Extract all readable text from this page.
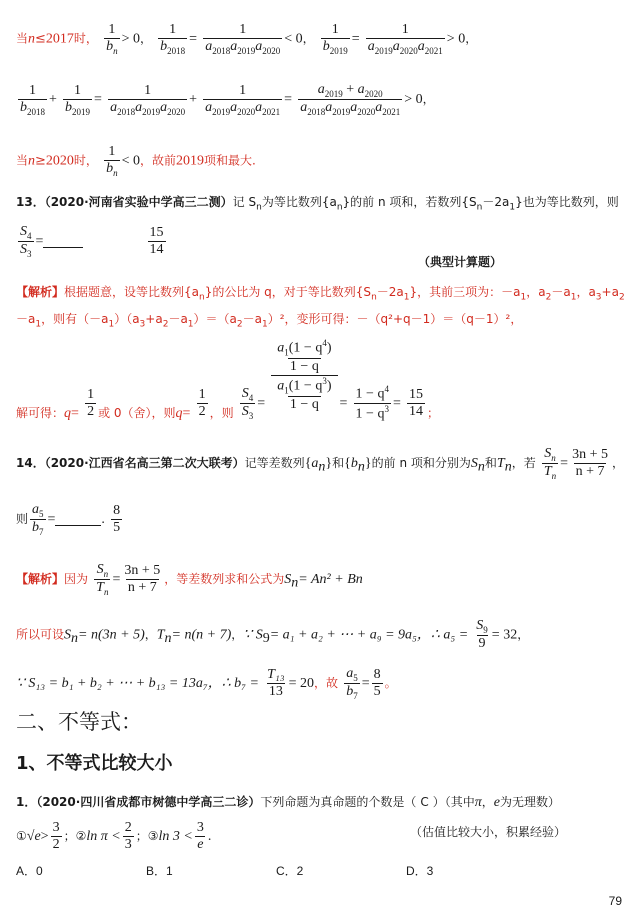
当n≤2017时， $\frac{1}{b_n} > 0$， $\frac{1}{b_{2018}} = \frac{1}{a_{2018}a_{2019}a_{2020}} < 0$， $\frac{1}{b_{2019}} = \frac{1}{a_{2019}a_{2020}a_{2021}} > 0$，
$\frac{1}{b_{2018}} + \frac{1}{b_{2019}} = \frac{1}{a_{2018}a_{2019}a_{2020}} + \frac{1}{a_{2019}a_{2020}a_{2021}} = \frac{a_{2019} + a_{2020}}{a_{2018}a_{2019}a_{2020}a_{2021}} > 0$，
当n≥2020时， $\frac{1}{b_n} < 0$，故前2019项和最大.
13．（2020·河南省实验中学高三二测）记 $S_n$为等比数列$\{a_n\}$的前 n 项和，若数列$\{S_n-2a_1\}$也为等比数列，则
$\frac{S_4}{S_3}$ =	$\frac{15}{14}$
（典型计算题）
【解析】根据题意，设等比数列$\{a_n\}$的公比为 q，对于等比数列$\{S_n-2a_1\}$，其前三项为：$-a_1$，$a_2-a_1$，$a_3+a_2$
$-a_1$，则有$(-a_1)(a_3+a_2-a_1)=(a_2-a_1)^2$，变形可得：－（q²+q－1）＝（q－1）²，
解可得：$q= \frac{1}{2}$ 或 0（舍），则$q= \frac{1}{2}$ ，则 $\frac{S_4}{S_3} = \frac{\frac{a_1(1 - q^4)}{1 - q}}{\frac{a_1(1 - q^3)}{1 - q}} = \frac{1 - q^4}{1 - q^3} = \frac{15}{14}$ ；
14．（2020·江西省名高三第二次大联考）记等差数列$\{a_n\}$和$\{b_n\}$的前 n 项和分别为$S_n$和$T_n$，若 $\frac{S_n}{T_n} = \frac{3n + 5}{n + 7}$ ，
则 $\frac{a_5}{b_7}$ =	. $\frac{8}{5}$
【解析】因为 $\frac{S_n}{T_n} = \frac{3n + 5}{n + 7}$ ，等差数列求和公式为$S_n= An^2 + Bn$
所以可设$S_n= n(3n + 5)$，$T_n= n(n + 7)$，∵ $S_9= a_1 + a_2$ + ⋯ + a₉ = 9a₅，∴ $a_5 = \frac{S_9}{9} = 32$，
∵ S₁₃ = b₁ + b₂ + ⋯ + b₁₃ = 13a₇，∴ $b_7 = \frac{\text{T₁₃}}{13} = 20$，故 $\frac{a_5}{b_7} = \frac{8}{5}$ 。
二、不等式：
1、不等式比较大小
1．（2020·四川省成都市树德中学高三二诊）下列命题为真命题的个数是（ C ）（其中π，e为无理数）
①√e> $\frac{3}{2}$ ；②ln $\pi < \frac{2}{3}$ ；③ln $3 < \frac{3}{e}$ .	（估值比较大小，积累经验）
A．0	B．1	C．2	D．3
79
